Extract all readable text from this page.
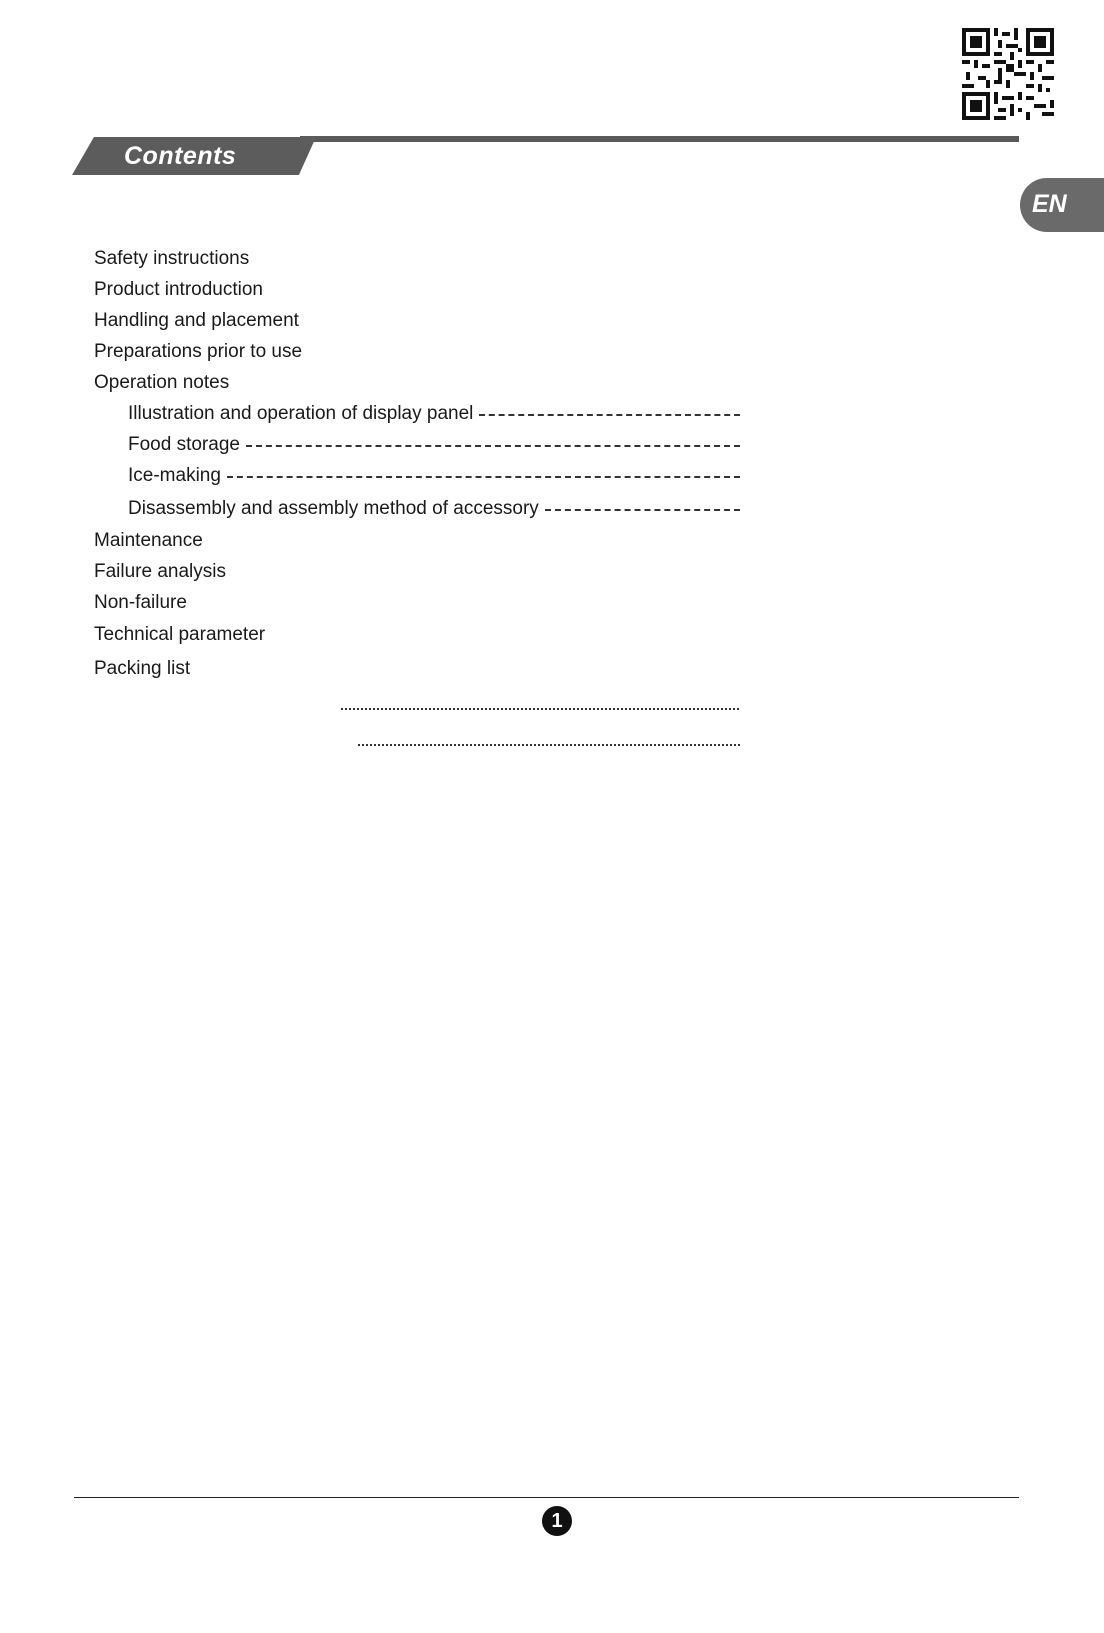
Contents
EN
Safety instructions
Product introduction
Handling and placement
Preparations prior to use
Operation notes
Illustration and operation of display panel
Food storage
Ice-making
Disassembly and assembly method of accessory
Maintenance
Failure analysis
Non-failure
Technical parameter
Packing list
1
